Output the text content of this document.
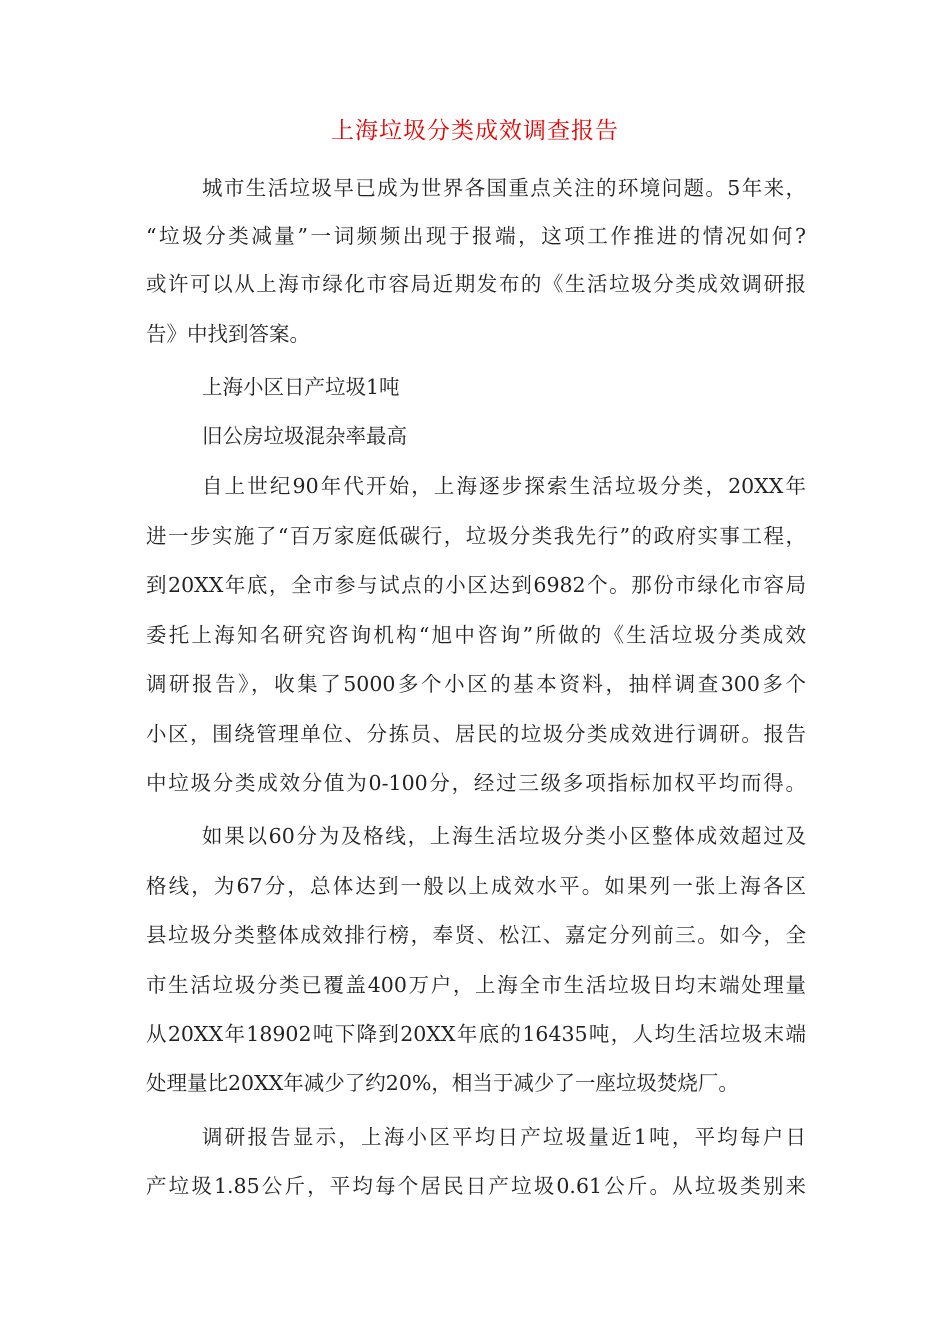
上海垃圾分类成效调查报告
城市生活垃圾早已成为世界各国重点关注的环境问题。5年来，
“垃圾分类减量”一词频频出现于报端，这项工作推进的情况如何?
或许可以从上海市绿化市容局近期发布的《生活垃圾分类成效调研报
告》中找到答案。
上海小区日产垃圾1吨
旧公房垃圾混杂率最高
自上世纪90年代开始，上海逐步探索生活垃圾分类，20XX年
进一步实施了“百万家庭低碳行，垃圾分类我先行”的政府实事工程，
到20XX年底，全市参与试点的小区达到6982个。那份市绿化市容局
委托上海知名研究咨询机构“旭中咨询”所做的《生活垃圾分类成效
调研报告》，收集了5000多个小区的基本资料，抽样调查300多个
小区，围绕管理单位、分拣员、居民的垃圾分类成效进行调研。报告
中垃圾分类成效分值为0-100分，经过三级多项指标加权平均而得。
如果以60分为及格线，上海生活垃圾分类小区整体成效超过及
格线，为67分，总体达到一般以上成效水平。如果列一张上海各区
县垃圾分类整体成效排行榜，奉贤、松江、嘉定分列前三。如今，全
市生活垃圾分类已覆盖400万户，上海全市生活垃圾日均末端处理量
从20XX年18902吨下降到20XX年底的16435吨，人均生活垃圾末端
处理量比20XX年减少了约20%，相当于减少了一座垃圾焚烧厂。
调研报告显示，上海小区平均日产垃圾量近1吨，平均每户日
产垃圾1.85公斤，平均每个居民日产垃圾0.61公斤。从垃圾类别来
